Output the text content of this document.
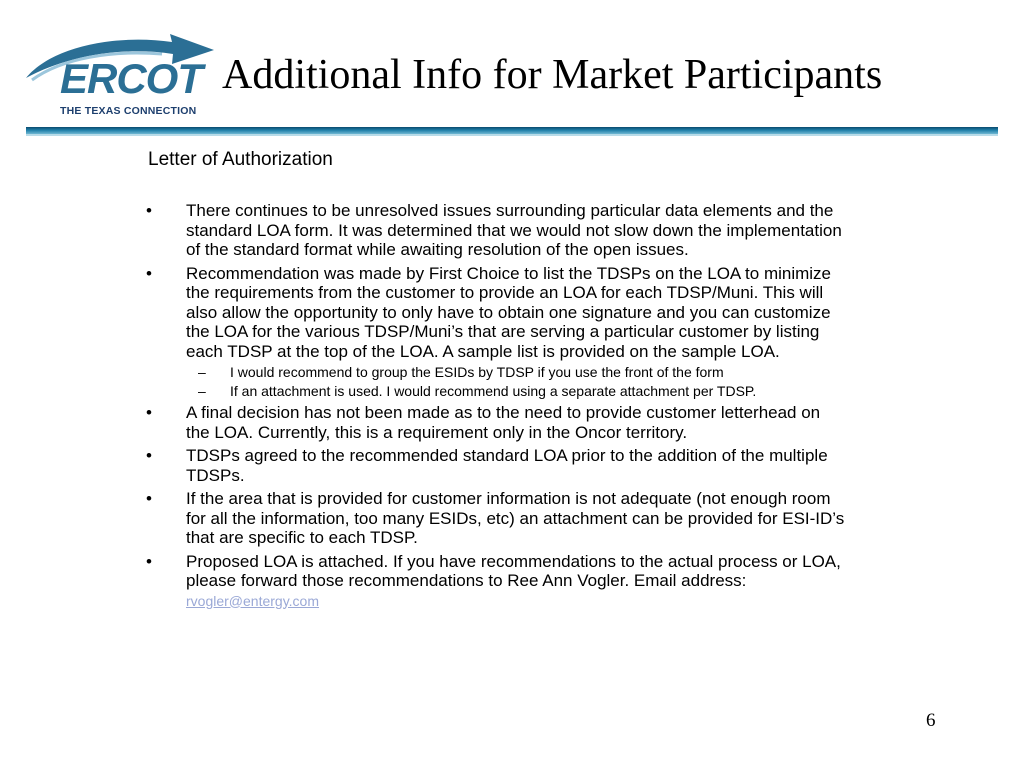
ERCOT
THE TEXAS CONNECTION
Additional Info for Market Participants
Letter of Authorization
• There continues to be unresolved issues surrounding particular data elements and the standard LOA form. It was determined that we would not slow down the implementation of the standard format while awaiting resolution of the open issues.
• Recommendation was made by First Choice to list the TDSPs on the LOA to minimize the requirements from the customer to provide an LOA for each TDSP/Muni. This will also allow the opportunity to only have to obtain one signature and you can customize the LOA for the various TDSP/Muni’s that are serving a particular customer by listing each TDSP at the top of the LOA. A sample list is provided on the sample LOA.
– I would recommend to group the ESIDs by TDSP if you use the front of the form
– If an attachment is used. I would recommend using a separate attachment per TDSP.
• A final decision has not been made as to the need to provide customer letterhead on the LOA. Currently, this is a requirement only in the Oncor territory.
• TDSPs agreed to the recommended standard LOA prior to the addition of the multiple TDSPs.
• If the area that is provided for customer information is not adequate (not enough room for all the information, too many ESIDs, etc) an attachment can be provided for ESI-ID’s that are specific to each TDSP.
• Proposed LOA is attached. If you have recommendations to the actual process or LOA, please forward those recommendations to Ree Ann Vogler. Email address: rvogler@entergy.com
6
